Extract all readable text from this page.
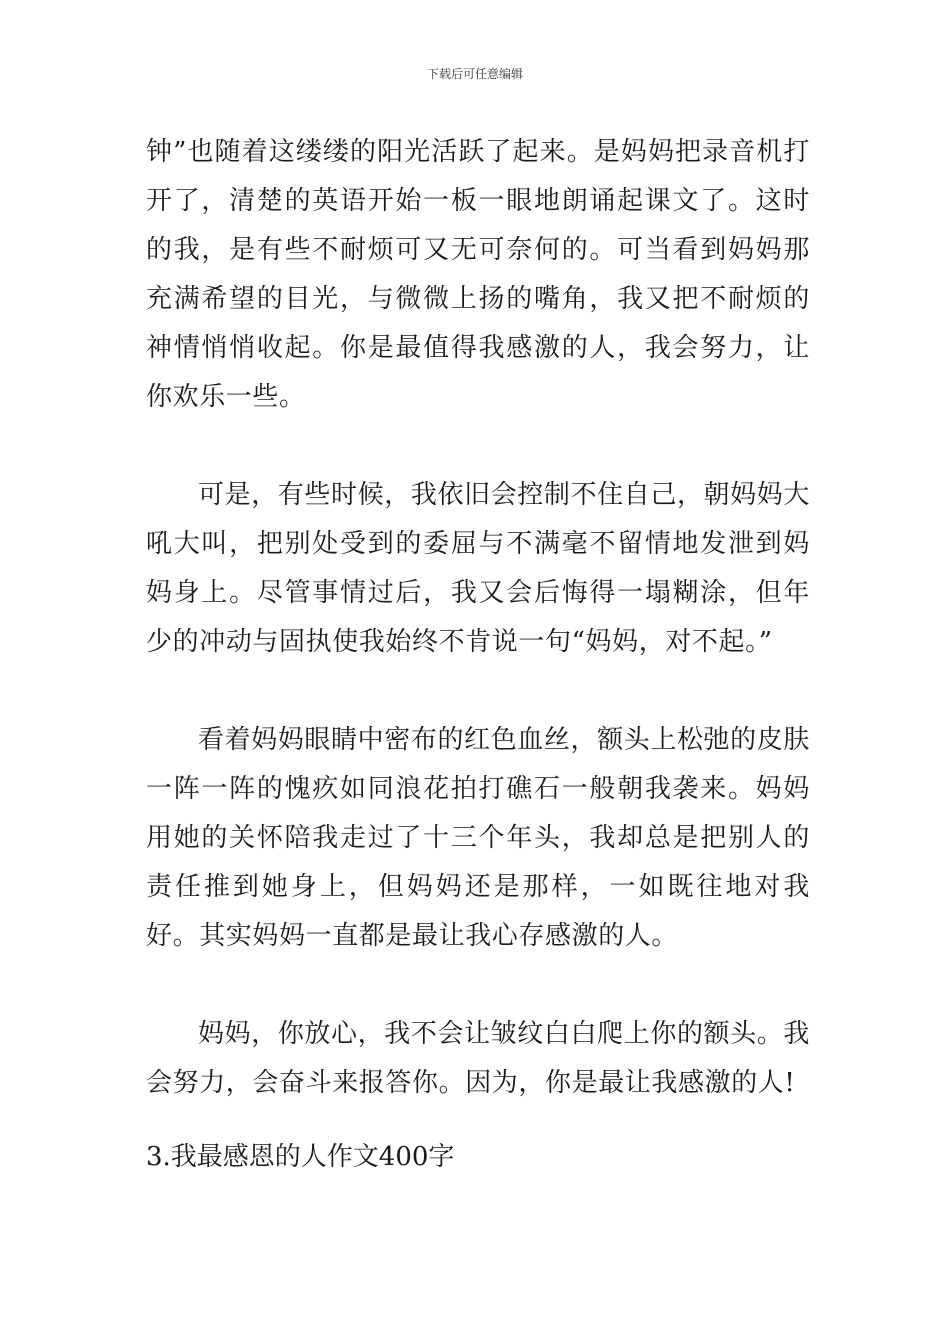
下载后可任意编辑

钟”也随着这缕缕的阳光活跃了起来。是妈妈把录音机打开了，清楚的英语开始一板一眼地朗诵起课文了。这时的我，是有些不耐烦可又无可奈何的。可当看到妈妈那充满希望的目光，与微微上扬的嘴角，我又把不耐烦的神情悄悄收起。你是最值得我感激的人，我会努力，让你欢乐一些。

可是，有些时候，我依旧会控制不住自己，朝妈妈大吼大叫，把别处受到的委屈与不满毫不留情地发泄到妈妈身上。尽管事情过后，我又会后悔得一塌糊涂，但年少的冲动与固执使我始终不肯说一句“妈妈，对不起。”

看着妈妈眼睛中密布的红色血丝，额头上松弛的皮肤一阵一阵的愧疚如同浪花拍打礁石一般朝我袭来。妈妈用她的关怀陪我走过了十三个年头，我却总是把别人的责任推到她身上，但妈妈还是那样，一如既往地对我好。其实妈妈一直都是最让我心存感激的人。

妈妈，你放心，我不会让皱纹白白爬上你的额头。我会努力，会奋斗来报答你。因为，你是最让我感激的人!

3.我最感恩的人作文400字
